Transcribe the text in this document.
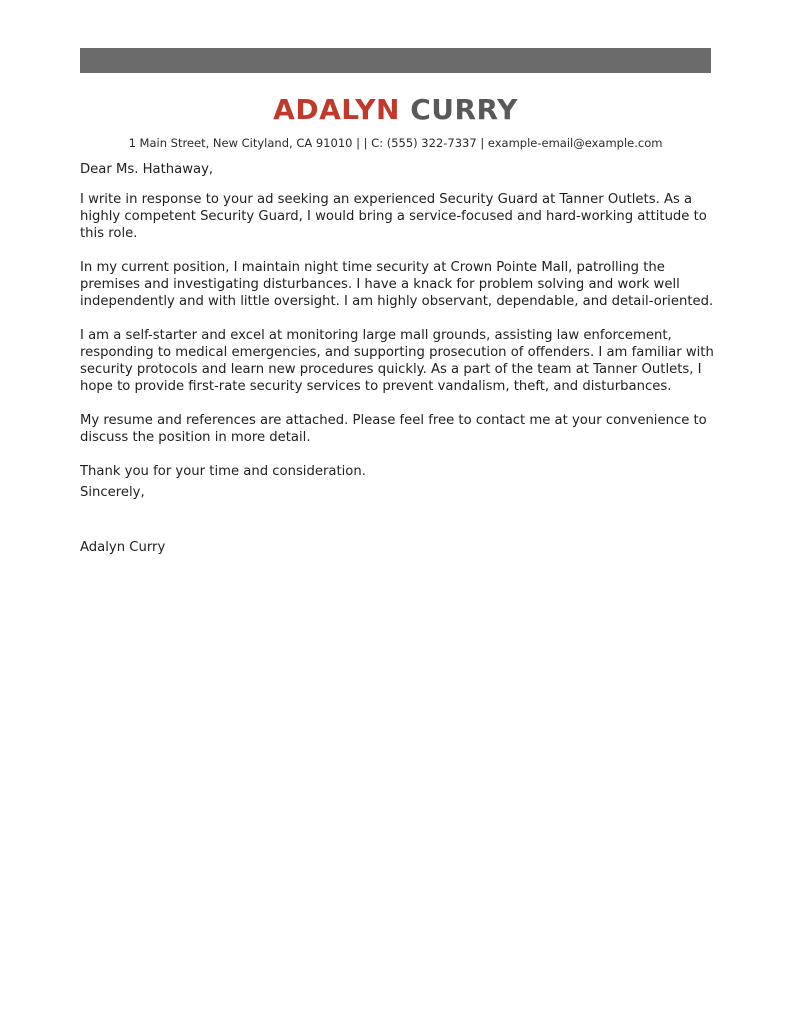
ADALYN CURRY
1 Main Street, New Cityland, CA 91010 | | C: (555) 322-7337 | example-email@example.com

Dear Ms. Hathaway,

I write in response to your ad seeking an experienced Security Guard at Tanner Outlets. As a highly competent Security Guard, I would bring a service-focused and hard-working attitude to this role.

In my current position, I maintain night time security at Crown Pointe Mall, patrolling the premises and investigating disturbances. I have a knack for problem solving and work well independently and with little oversight. I am highly observant, dependable, and detail-oriented.

I am a self-starter and excel at monitoring large mall grounds, assisting law enforcement, responding to medical emergencies, and supporting prosecution of offenders. I am familiar with security protocols and learn new procedures quickly. As a part of the team at Tanner Outlets, I hope to provide first-rate security services to prevent vandalism, theft, and disturbances.

My resume and references are attached. Please feel free to contact me at your convenience to discuss the position in more detail.

Thank you for your time and consideration.

Sincerely,

Adalyn Curry
